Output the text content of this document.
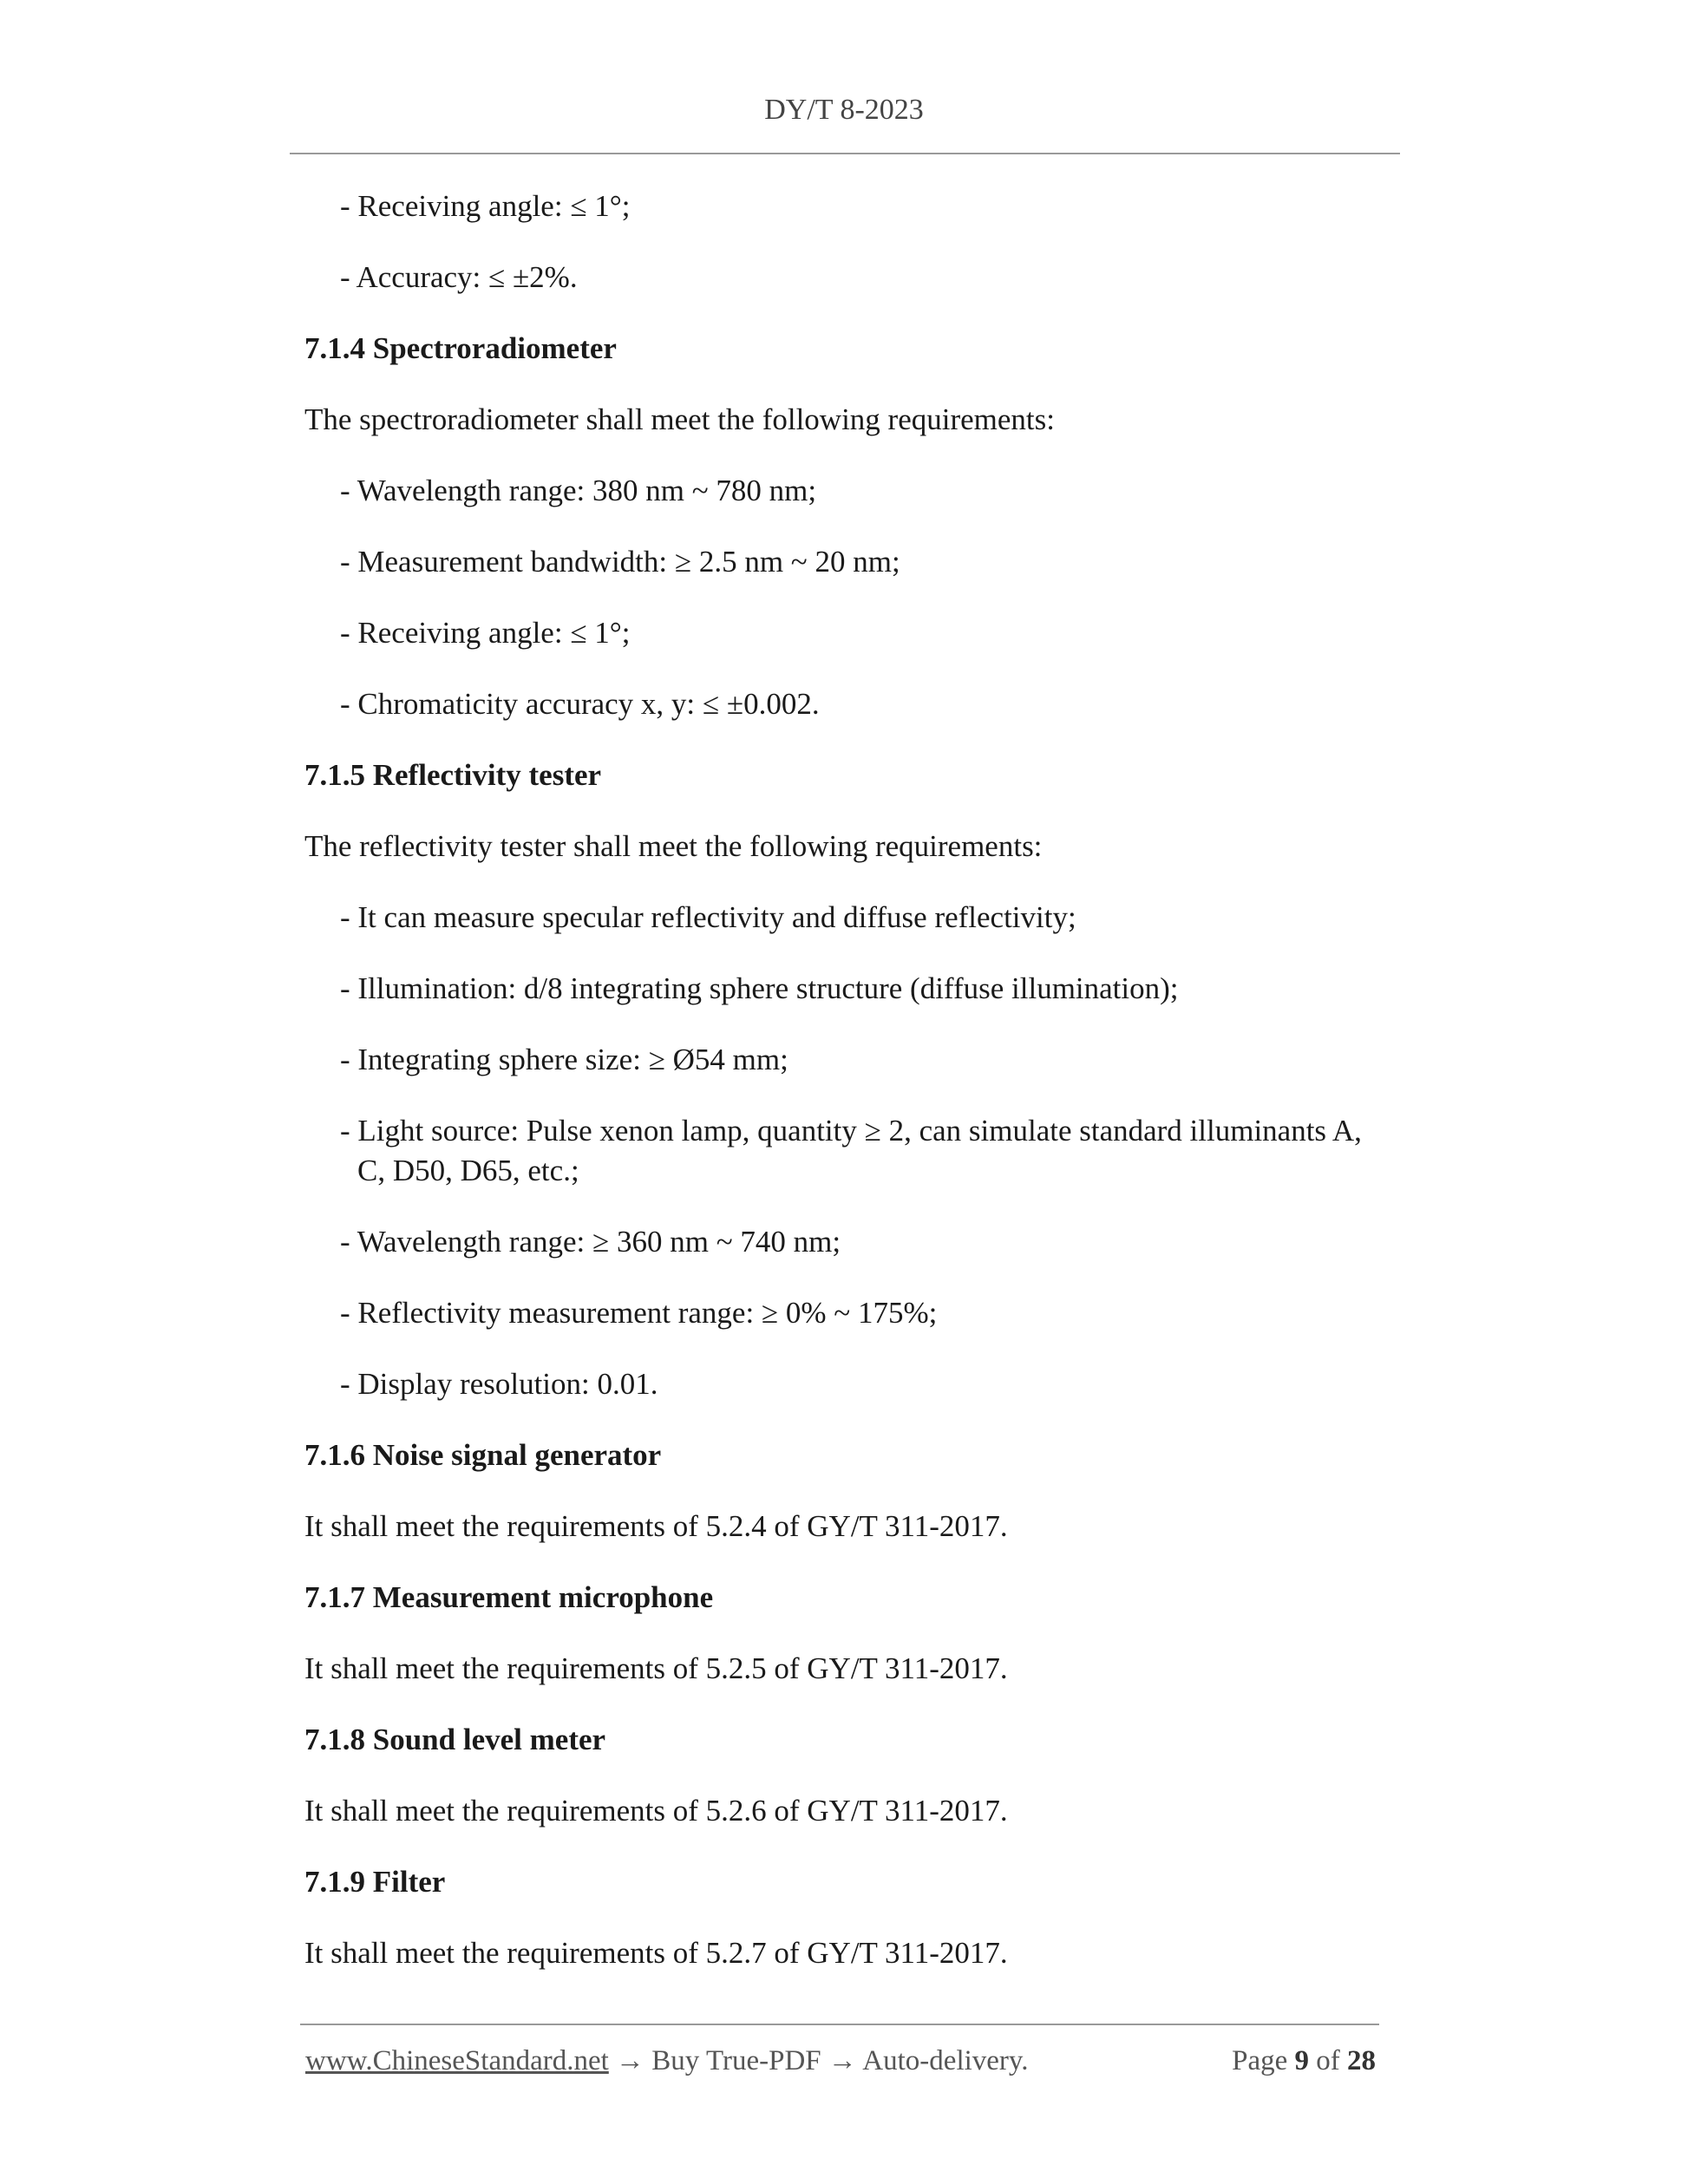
DY/T 8-2023
- Receiving angle: ≤ 1°;
- Accuracy: ≤ ±2%.
7.1.4 Spectroradiometer
The spectroradiometer shall meet the following requirements:
- Wavelength range: 380 nm ~ 780 nm;
- Measurement bandwidth: ≥ 2.5 nm ~ 20 nm;
- Receiving angle: ≤ 1°;
- Chromaticity accuracy x, y: ≤ ±0.002.
7.1.5 Reflectivity tester
The reflectivity tester shall meet the following requirements:
- It can measure specular reflectivity and diffuse reflectivity;
- Illumination: d/8 integrating sphere structure (diffuse illumination);
- Integrating sphere size: ≥ Ø54 mm;
- Light source: Pulse xenon lamp, quantity ≥ 2, can simulate standard illuminants A,
C, D50, D65, etc.;
- Wavelength range: ≥ 360 nm ~ 740 nm;
- Reflectivity measurement range: ≥ 0% ~ 175%;
- Display resolution: 0.01.
7.1.6 Noise signal generator
It shall meet the requirements of 5.2.4 of GY/T 311-2017.
7.1.7 Measurement microphone
It shall meet the requirements of 5.2.5 of GY/T 311-2017.
7.1.8 Sound level meter
It shall meet the requirements of 5.2.6 of GY/T 311-2017.
7.1.9 Filter
It shall meet the requirements of 5.2.7 of GY/T 311-2017.
www.ChineseStandard.net → Buy True-PDF → Auto-delivery.	Page 9 of 28
